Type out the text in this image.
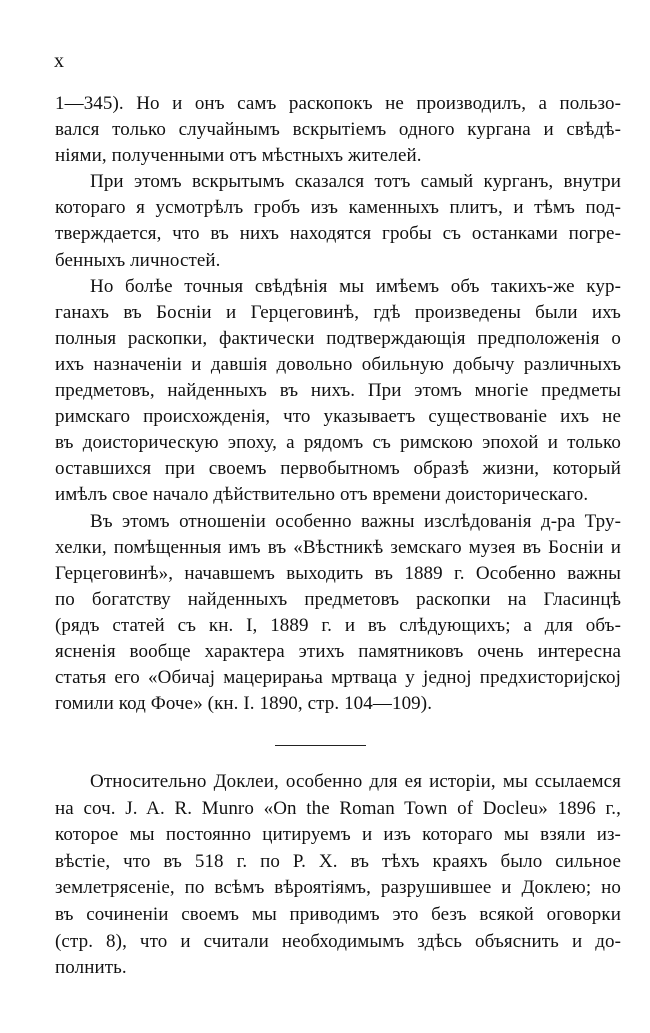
x
1—345). Но и онъ самъ раскопокъ не производилъ, а пользо-
вался только случайнымъ вскрытіемъ одного кургана и свѣдѣ-
ніями, полученными отъ мѣстныхъ жителей.
При этомъ вскрытымъ сказался тотъ самый курганъ, внутри
котораго я усмотрѣлъ гробъ изъ каменныхъ плитъ, и тѣмъ под-
тверждается, что въ нихъ находятся гробы съ останками погре-
бенныхъ личностей.
Но болѣе точныя свѣдѣнія мы имѣемъ объ такихъ-же кур-
ганахъ въ Босніи и Герцеговинѣ, гдѣ произведены были ихъ
полныя раскопки, фактически подтверждающія предположенія о
ихъ назначеніи и давшія довольно обильную добычу различныхъ
предметовъ, найденныхъ въ нихъ. При этомъ многіе предметы
римскаго происхожденія, что указываетъ существованіе ихъ не
въ доисторическую эпоху, а рядомъ съ римскою эпохой и только
оставшихся при своемъ первобытномъ образѣ жизни, который
имѣлъ свое начало дѣйствительно отъ времени доисторическаго.
Въ этомъ отношеніи особенно важны изслѣдованія д-ра Тру-
хелки, помѣщенныя имъ въ «Вѣстникѣ земскаго музея въ Босніи и
Герцеговинѣ», начавшемъ выходить въ 1889 г. Особенно важны
по богатству найденныхъ предметовъ раскопки на Гласинцѣ
(рядъ статей съ кн. I, 1889 г. и въ слѣдующихъ; а для объ-
ясненія вообще характера этихъ памятниковъ очень интересна
статья его «Обичај мацерирања мртваца у једној предхисторијској
гомили код Фоче» (кн. I. 1890, стр. 104—109).
Относительно Доклеи, особенно для ея исторіи, мы ссылаемся
на соч. J. A. R. Munro «On the Roman Town of Docleu» 1896 г.,
которое мы постоянно цитируемъ и изъ котораго мы взяли из-
вѣстіе, что въ 518 г. по Р. X. въ тѣхъ краяхъ было сильное
землетрясеніе, по всѣмъ вѣроятіямъ, разрушившее и Доклею; но
въ сочиненіи своемъ мы приводимъ это безъ всякой оговорки
(стр. 8), что и считали необходимымъ здѣсь объяснить и до-
полнить.
